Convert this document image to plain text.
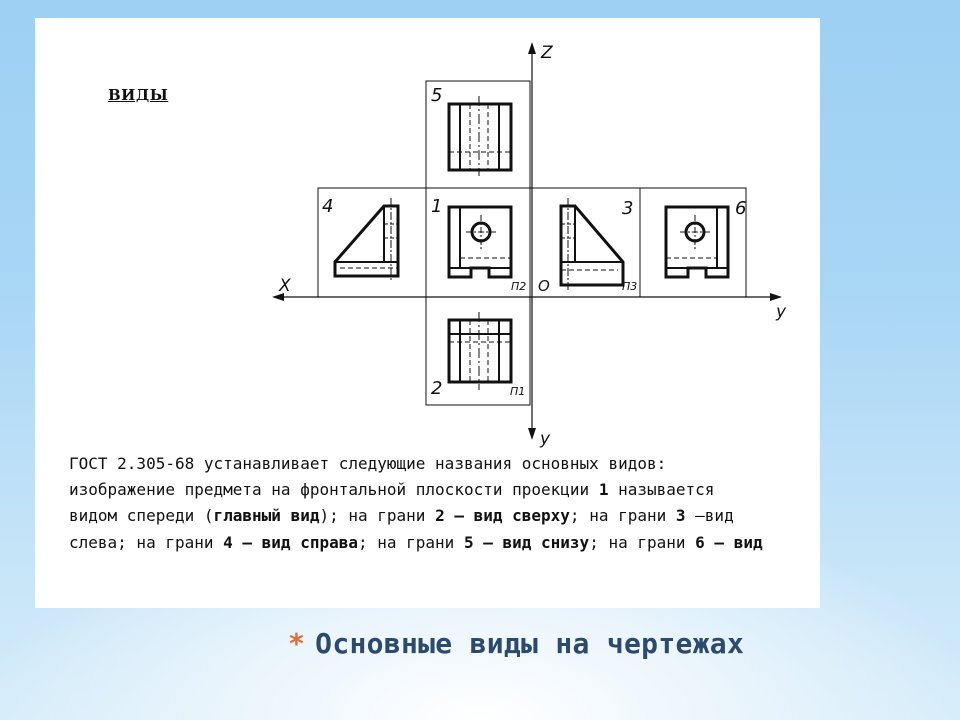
Z
X
y
y
O
5
4	1	3	6
2
П2	П3
П1
ВИДЫ

ГОСТ 2.305-68 устанавливает следующие названия основных видов: изображение предмета на фронтальной плоскости проекции 1 называется видом спереди (главный вид); на грани 2 – вид сверху; на грани 3 –вид слева; на грани 4 – вид справа; на грани 5 – вид снизу; на грани 6 – вид

* Основные виды на чертежах
